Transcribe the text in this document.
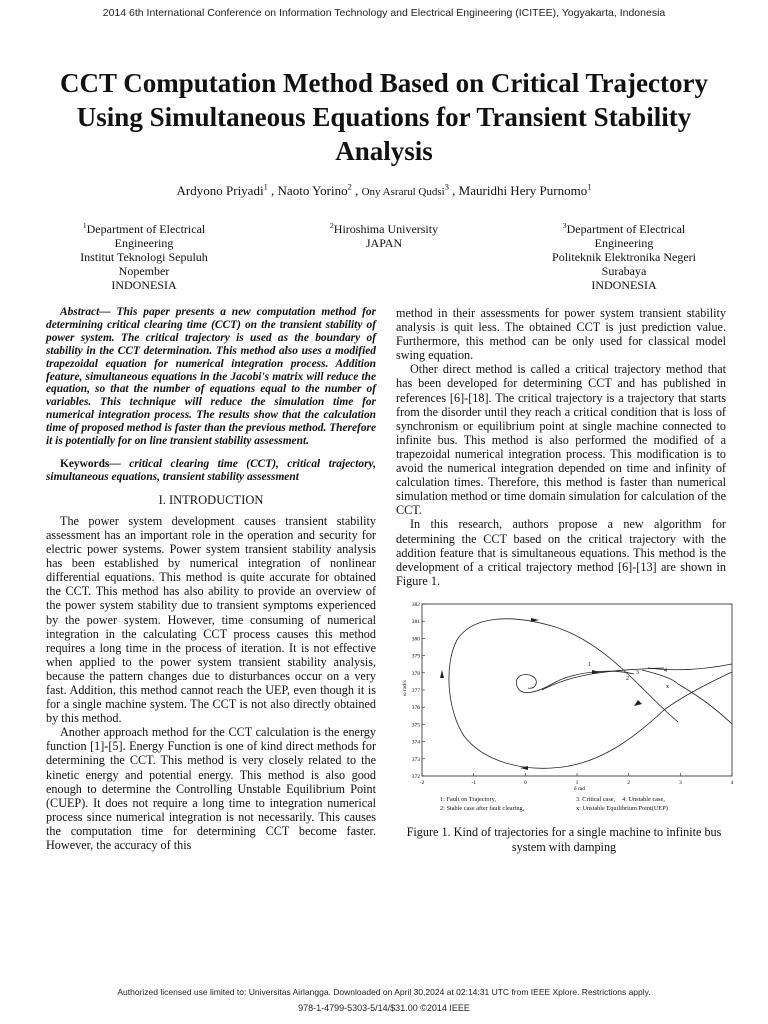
2014 6th International Conference on Information Technology and Electrical Engineering (ICITEE), Yogyakarta, Indonesia
CCT Computation Method Based on Critical Trajectory Using Simultaneous Equations for Transient Stability Analysis
Ardyono Priyadi$^1$ , Naoto Yorino$^2$ , Ony Asrarul Qudsi$^3$ , Mauridhi Hery Purnomo$^1$
$^1$Department of Electrical
Engineering
Institut Teknologi Sepuluh
Nopember
INDONESIA
$^2$Hiroshima University
JAPAN
$^3$Department of Electrical
Engineering
Politeknik Elektronika Negeri
Surabaya
INDONESIA

Abstract— This paper presents a new computation method for determining critical clearing time (CCT) on the transient stability of power system. The critical trajectory is used as the boundary of stability in the CCT determination. This method also uses a modified trapezoidal equation for numerical integration process. Addition feature, simultaneous equations in the Jacobi's matrix will reduce the equation, so that the number of equations equal to the number of variables. This technique will reduce the simulation time for numerical integration process. The results show that the calculation time of proposed method is faster than the previous method. Therefore it is potentially for on line transient stability assessment.

Keywords— critical clearing time (CCT), critical trajectory, simultaneous equations, transient stability assessment

I. INTRODUCTION

The power system development causes transient stability assessment has an important role in the operation and security for electric power systems. Power system transient stability analysis has been established by numerical integration of nonlinear differential equations. This method is quite accurate for obtained the CCT. This method has also ability to provide an overview of the power system stability due to transient symptoms experienced by the power system. However, time consuming of numerical integration in the calculating CCT process causes this method requires a long time in the process of iteration. It is not effective when applied to the power system transient stability analysis, because the pattern changes due to disturbances occur on a very fast. Addition, this method cannot reach the UEP, even though it is for a single machine system. The CCT is not also directly obtained by this method.

Another approach method for the CCT calculation is the energy function [1]-[5]. Energy Function is one of kind direct methods for determining the CCT. This method is very closely related to the kinetic energy and potential energy. This method is also good enough to determine the Controlling Unstable Equilibrium Point (CUEP). It does not require a long time to integration numerical process since numerical integration is not necessarily. This causes the computation time for determining CCT become faster. However, the accuracy of this

method in their assessments for power system transient stability analysis is quit less. The obtained CCT is just prediction value. Furthermore, this method can be only used for classical model swing equation.

Other direct method is called a critical trajectory method that has been developed for determining CCT and has published in references [6]-[18]. The critical trajectory is a trajectory that starts from the disorder until they reach a critical condition that is loss of synchronism or equilibrium point at single machine connected to infinite bus. This method is also performed the modified of a trapezoidal numerical integration process. This modification is to avoid the numerical integration depended on time and infinity of calculation times. Therefore, this method is faster than numerical simulation method or time domain simulation for calculation of the CCT.

In this research, authors propose a new algorithm for determining the CCT based on the critical trajectory with the addition feature that is simultaneous equations. This method is the development of a critical trajectory method [6]-[13] are shown in Figure 1.

382
381
380
379
378
377
376
375
374
373
372
-2	-1	0	1	2	3	4
ω rad/s
δ rad
1
2
3	4
x
1: Fault on Trajectory,
2: Stable case after fault clearing,
3. Critical case, 4: Unstable case,
x: Unstable Equilibrium Point(UEP)
Figure 1. Kind of trajectories for a single machine to infinite bus system with damping
Authorized licensed use limited to: Universitas Airlangga. Downloaded on April 30,2024 at 02:14:31 UTC from IEEE Xplore. Restrictions apply.
978-1-4799-5303-5/14/$31.00 ©2014 IEEE
